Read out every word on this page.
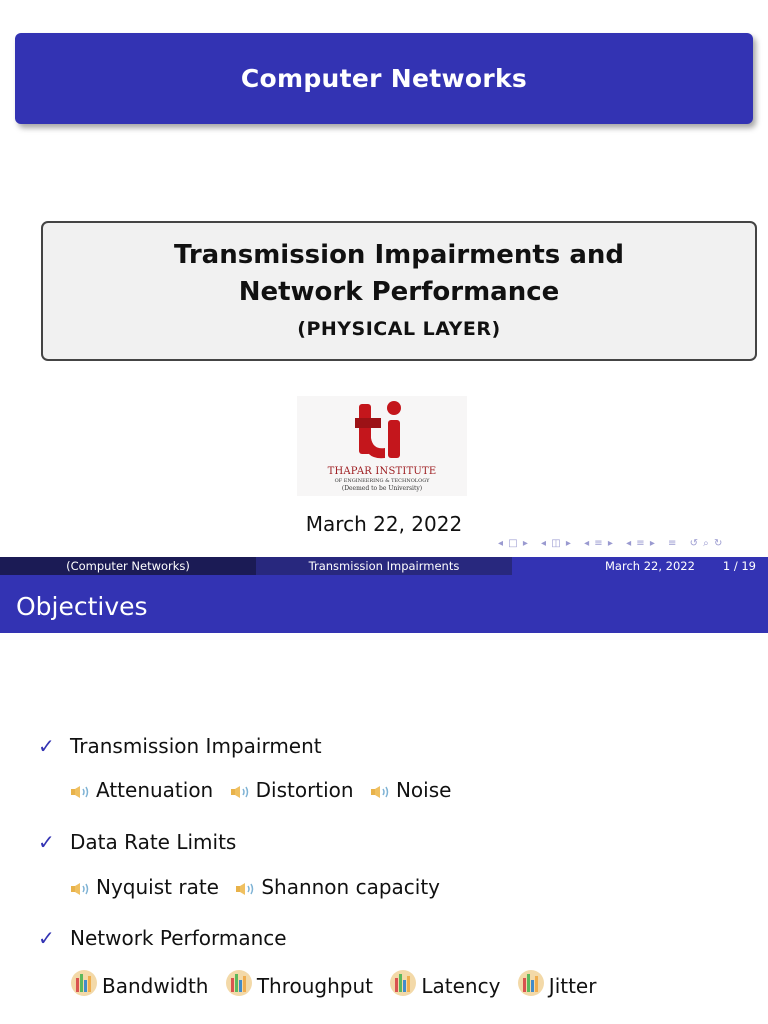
Computer Networks
Transmission Impairments and Network Performance
(PHYSICAL LAYER)
THAPAR INSTITUTE
OF ENGINEERING & TECHNOLOGY
(Deemed to be University)
March 22, 2022
◂ □ ▸ ◂ ◫ ▸ ◂ ≡ ▸ ◂ ≡ ▸ ≡ ↺ ⌕ ↻
(Computer Networks)	Transmission Impairments	March 22, 2022 1 / 19
Objectives
✓ Transmission Impairment
Attenuation Distortion Noise
✓ Data Rate Limits
Nyquist rate Shannon capacity
✓ Network Performance
Bandwidth Throughput Latency Jitter
